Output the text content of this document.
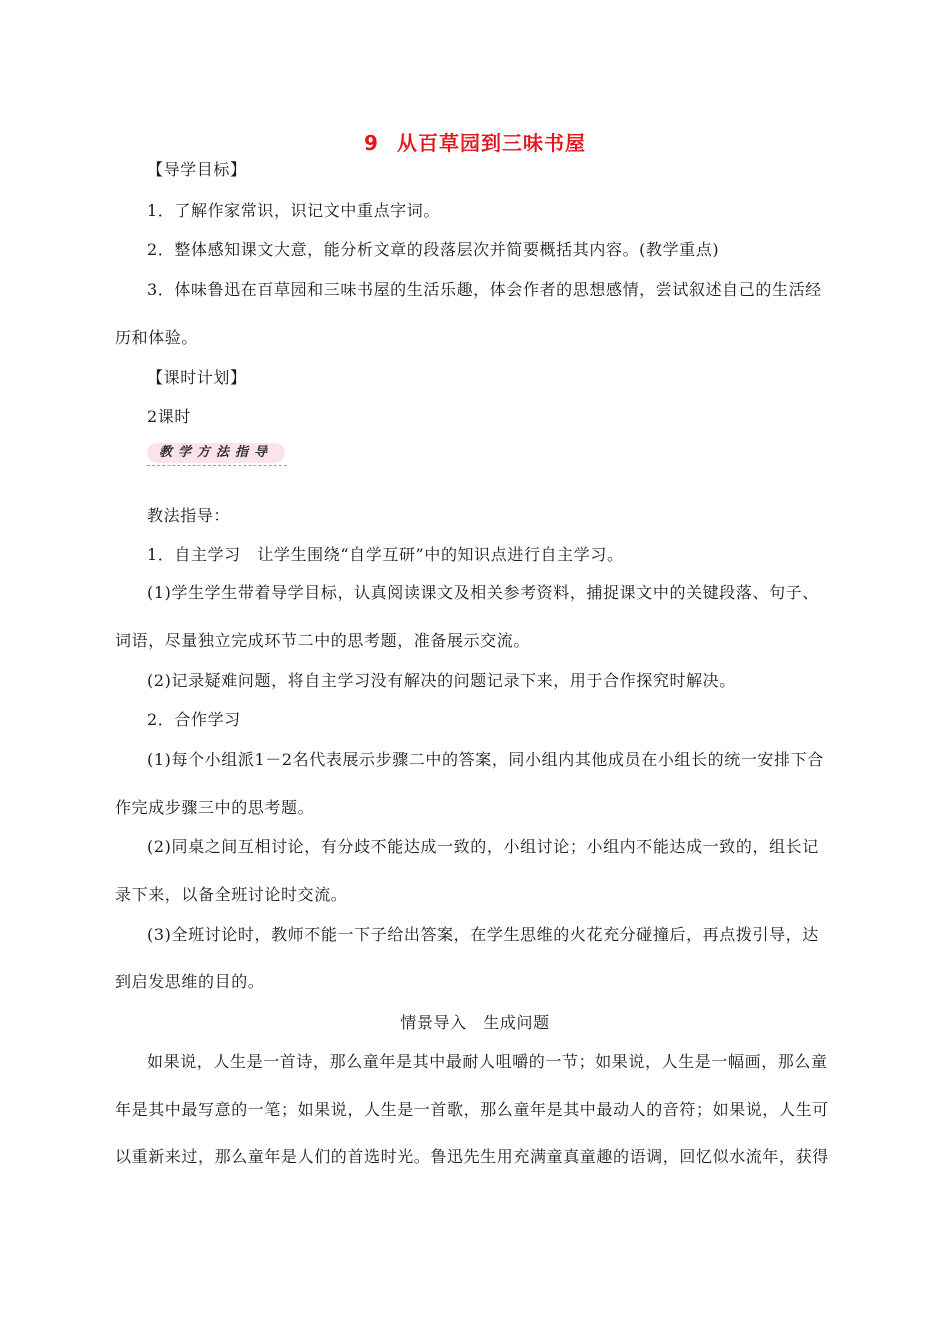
9 从百草园到三味书屋
【导学目标】
1．了解作家常识，识记文中重点字词。
2．整体感知课文大意，能分析文章的段落层次并简要概括其内容。(教学重点)
3．体味鲁迅在百草园和三味书屋的生活乐趣，体会作者的思想感情，尝试叙述自己的生活经
历和体验。
【课时计划】
2课时
教学方法指导
教法指导：
1．自主学习　让学生围绕“自学互研”中的知识点进行自主学习。
(1)学生学生带着导学目标，认真阅读课文及相关参考资料，捕捉课文中的关键段落、句子、
词语，尽量独立完成环节二中的思考题，准备展示交流。
(2)记录疑难问题，将自主学习没有解决的问题记录下来，用于合作探究时解决。
2．合作学习
(1)每个小组派1－2名代表展示步骤二中的答案，同小组内其他成员在小组长的统一安排下合
作完成步骤三中的思考题。
(2)同桌之间互相讨论，有分歧不能达成一致的，小组讨论；小组内不能达成一致的，组长记
录下来，以备全班讨论时交流。
(3)全班讨论时，教师不能一下子给出答案，在学生思维的火花充分碰撞后，再点拨引导，达
到启发思维的目的。
情景导入　生成问题
如果说，人生是一首诗，那么童年是其中最耐人咀嚼的一节；如果说，人生是一幅画，那么童
年是其中最写意的一笔；如果说，人生是一首歌，那么童年是其中最动人的音符；如果说，人生可
以重新来过，那么童年是人们的首选时光。鲁迅先生用充满童真童趣的语调，回忆似水流年，获得
